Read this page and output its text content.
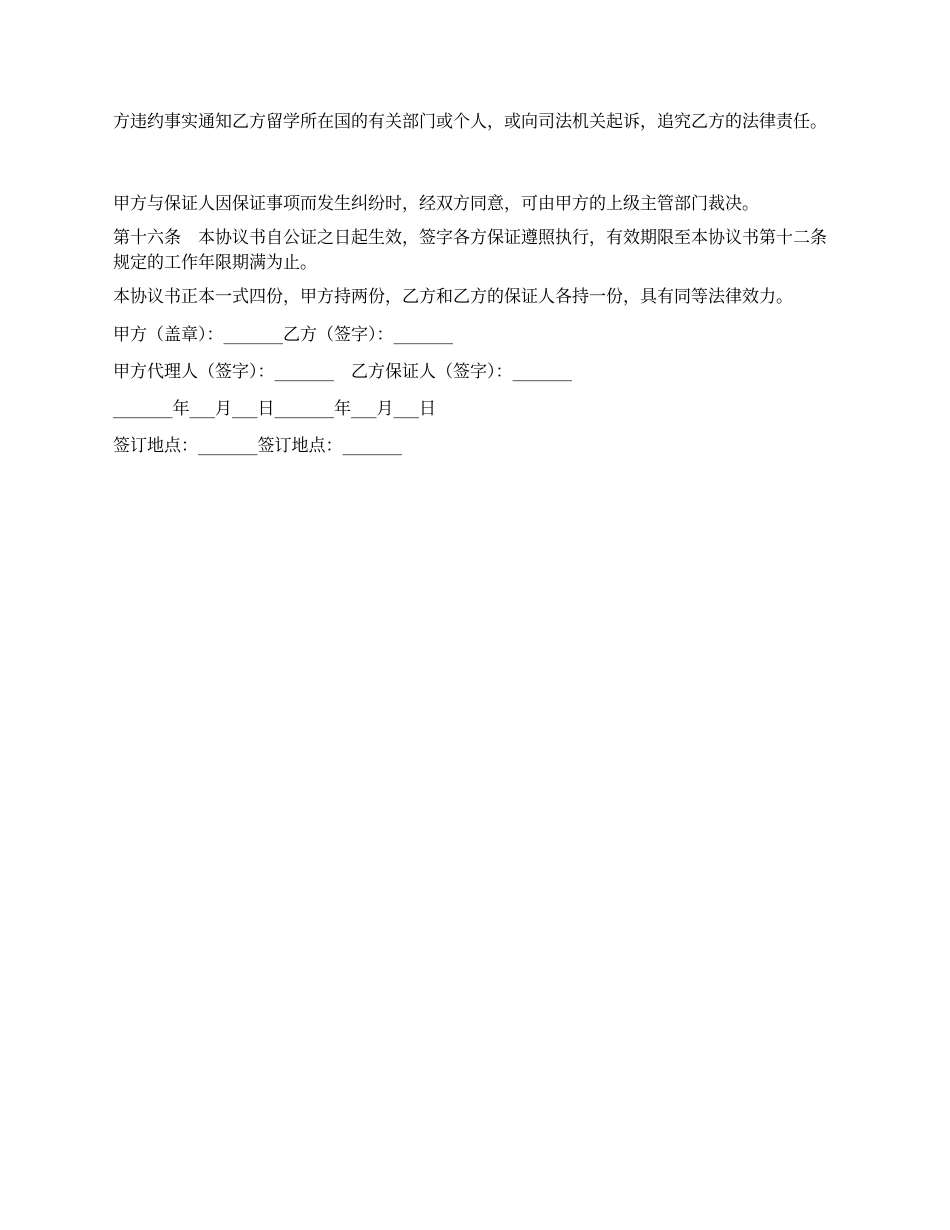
方违约事实通知乙方留学所在国的有关部门或个人，或向司法机关起诉，追究乙方的法律责任。

甲方与保证人因保证事项而发生纠纷时，经双方同意，可由甲方的上级主管部门裁决。

第十六条　本协议书自公证之日起生效，签字各方保证遵照执行，有效期限至本协议书第十二条规定的工作年限期满为止。

本协议书正本一式四份，甲方持两份，乙方和乙方的保证人各持一份，具有同等法律效力。

甲方（盖章）：_______乙方（签字）：_______

甲方代理人（签字）：_______　乙方保证人（签字）：_______

_______年___月___日_______年___月___日

签订地点：_______签订地点：_______
